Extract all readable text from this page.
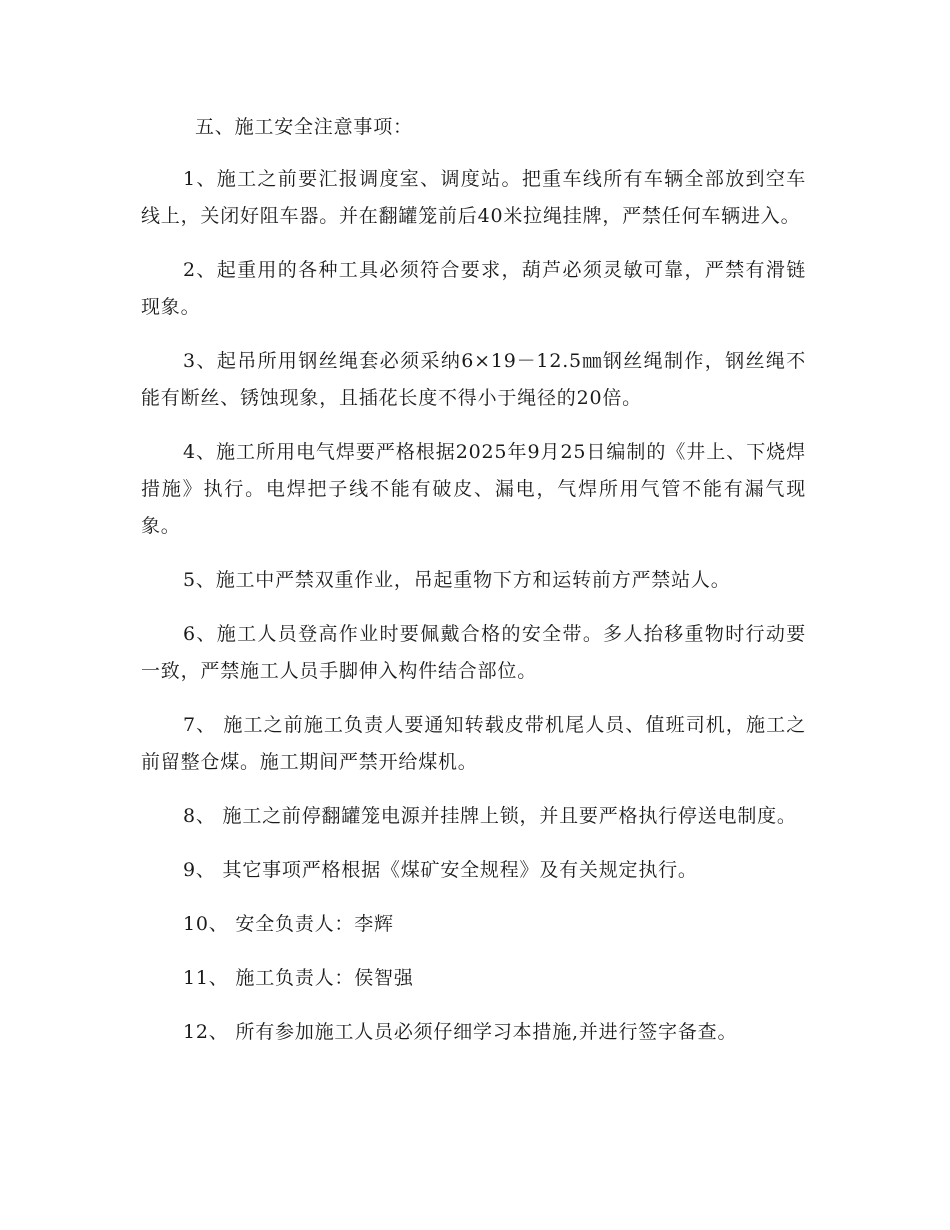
五、施工安全注意事项：

1、施工之前要汇报调度室、调度站。把重车线所有车辆全部放到空车线上，关闭好阻车器。并在翻罐笼前后40米拉绳挂牌，严禁任何车辆进入。

2、起重用的各种工具必须符合要求，葫芦必须灵敏可靠，严禁有滑链现象。

3、起吊所用钢丝绳套必须采纳6×19－12.5㎜钢丝绳制作，钢丝绳不能有断丝、锈蚀现象，且插花长度不得小于绳径的20倍。

4、施工所用电气焊要严格根据2025年9月25日编制的《井上、下烧焊措施》执行。电焊把子线不能有破皮、漏电，气焊所用气管不能有漏气现象。

5、施工中严禁双重作业，吊起重物下方和运转前方严禁站人。

6、施工人员登高作业时要佩戴合格的安全带。多人抬移重物时行动要一致，严禁施工人员手脚伸入构件结合部位。

7、 施工之前施工负责人要通知转载皮带机尾人员、值班司机，施工之前留整仓煤。施工期间严禁开给煤机。

8、 施工之前停翻罐笼电源并挂牌上锁，并且要严格执行停送电制度。

9、 其它事项严格根据《煤矿安全规程》及有关规定执行。

10、 安全负责人：李辉

11、 施工负责人：侯智强

12、 所有参加施工人员必须仔细学习本措施,并进行签字备查。
